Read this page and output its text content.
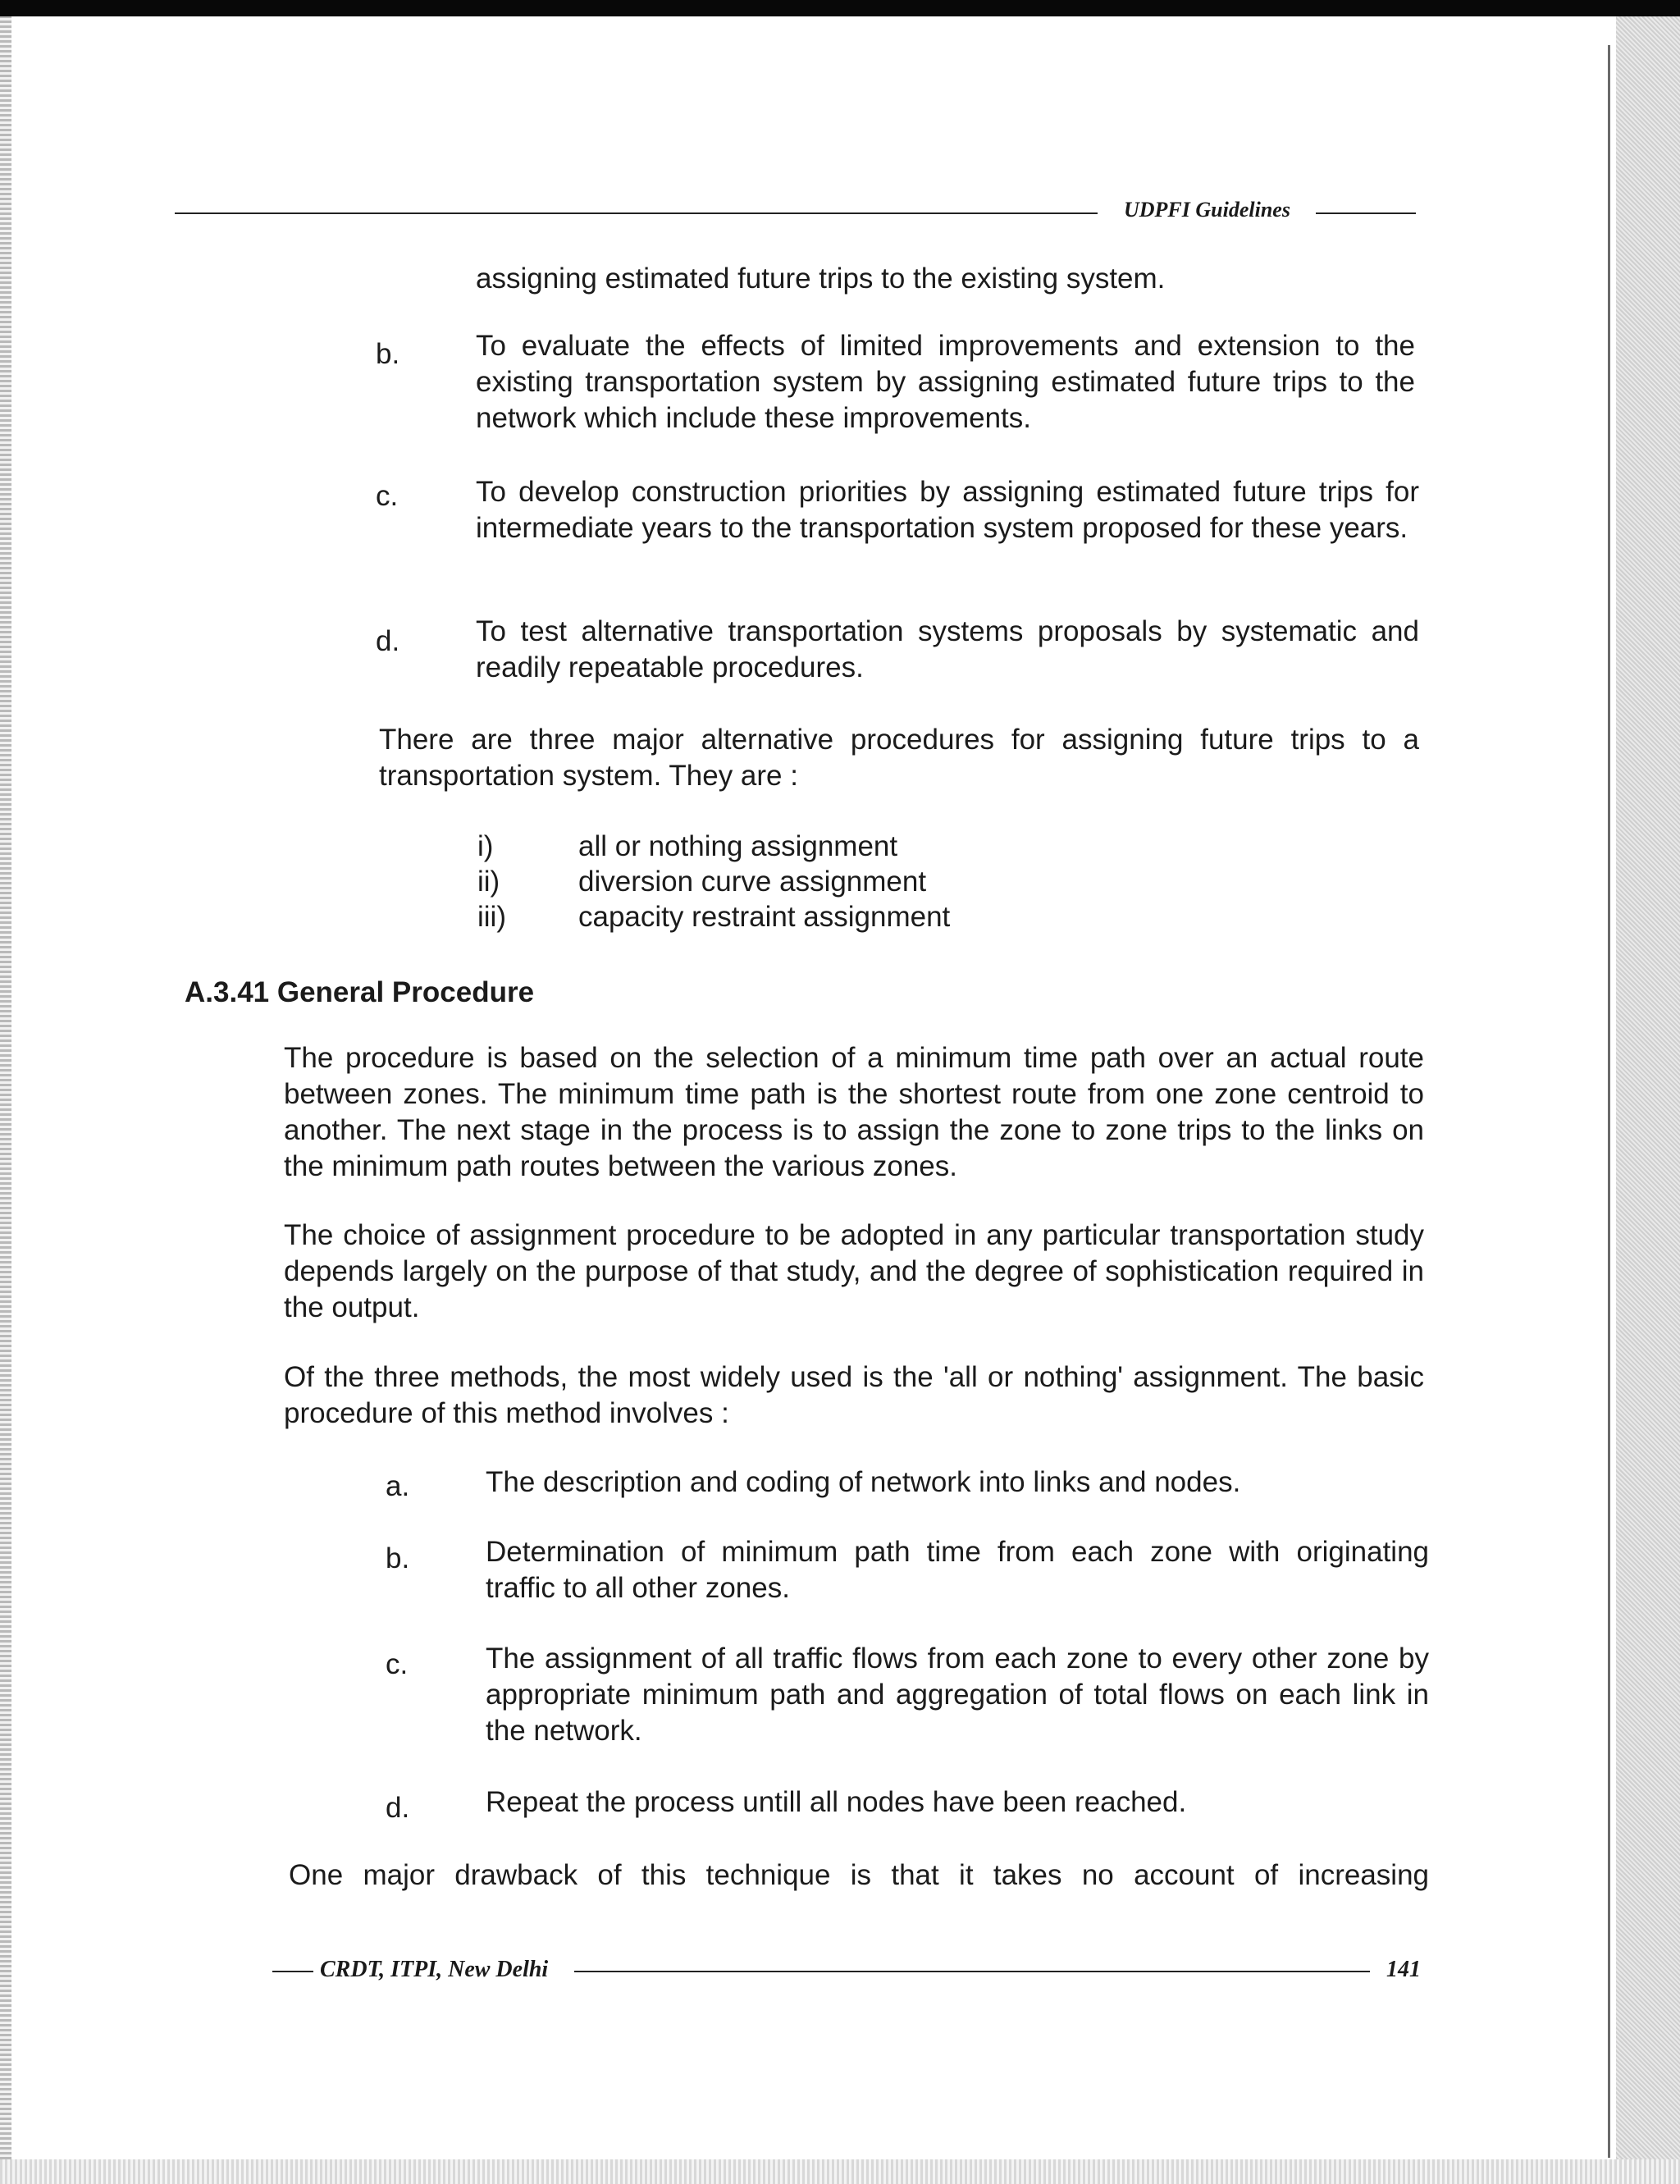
UDPFI Guidelines

assigning estimated future trips to the existing system.

b.	To evaluate the effects of limited improvements and extension to the existing transportation system by assigning estimated future trips to the network which include these improvements.

c.	To develop construction priorities by assigning estimated future trips for intermediate years to the transportation system proposed for these years.

d.	To test alternative transportation systems proposals by systematic and readily repeatable procedures.

There are three major alternative procedures for assigning future trips to a transportation system. They are :

i)	all or nothing assignment
ii)	diversion curve assignment
iii)	capacity restraint assignment
A.3.41 General Procedure

The procedure is based on the selection of a minimum time path over an actual route between zones. The minimum time path is the shortest route from one zone centroid to another. The next stage in the process is to assign the zone to zone trips to the links on the minimum path routes between the various zones.

The choice of assignment procedure to be adopted in any particular transportation study depends largely on the purpose of that study, and the degree of sophistication required in the output.

Of the three methods, the most widely used is the 'all or nothing' assignment. The basic procedure of this method involves :

a.	The description and coding of network into links and nodes.

b.	Determination of minimum path time from each zone with originating traffic to all other zones.

c.	The assignment of all traffic flows from each zone to every other zone by appropriate minimum path and aggregation of total flows on each link in the network.

d.	Repeat the process untill all nodes have been reached.

One major drawback of this technique is that it takes no account of increasing

CRDT, ITPI, New Delhi	141
